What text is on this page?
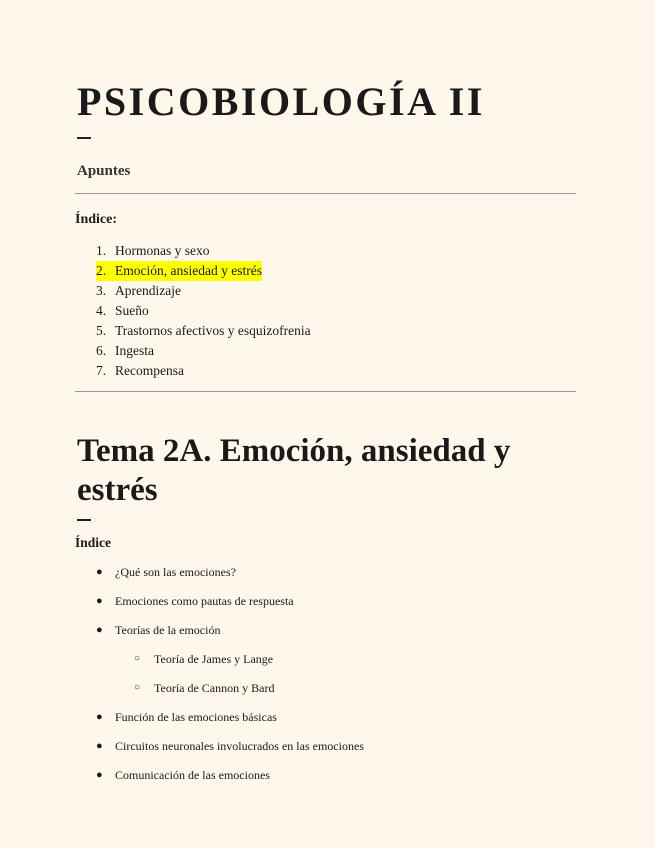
PSICOBIOLOGÍA II
Apuntes
Índice:
1. Hormonas y sexo
2. Emoción, ansiedad y estrés
3. Aprendizaje
4. Sueño
5. Trastornos afectivos y esquizofrenia
6. Ingesta
7. Recompensa
Tema 2A. Emoción, ansiedad y estrés
Índice
● ¿Qué son las emociones?
● Emociones como pautas de respuesta
● Teorías de la emoción
○ Teoría de James y Lange
○ Teoría de Cannon y Bard
● Función de las emociones básicas
● Circuitos neuronales involucrados en las emociones
● Comunicación de las emociones
